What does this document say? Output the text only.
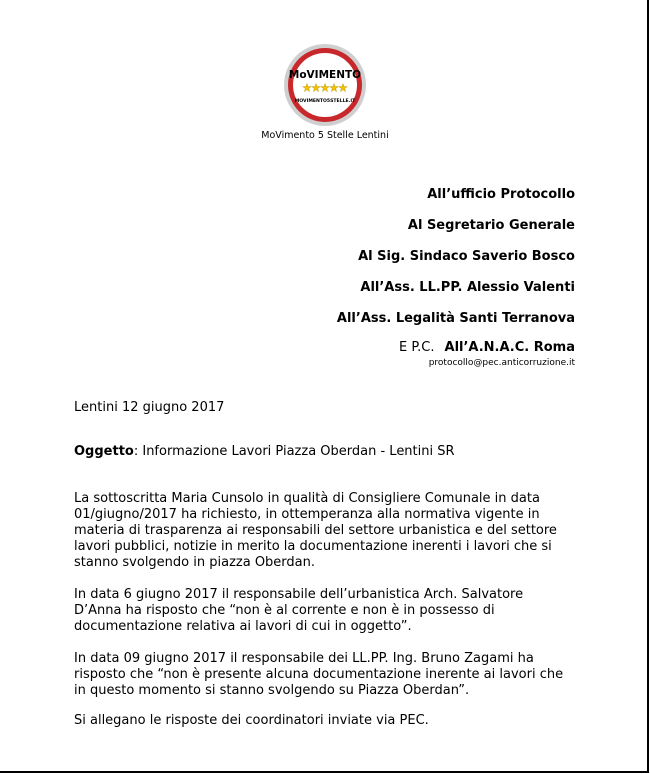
MoVIMENTO
MOVIMENTO5STELLE.IT
MoVimento 5 Stelle Lentini
All’ufficio Protocollo
Al Segretario Generale
Al Sig. Sindaco Saverio Bosco
All’Ass. LL.PP. Alessio Valenti
All’Ass. Legalità Santi Terranova
E P.C. All’A.N.A.C. Roma
protocollo@pec.anticorruzione.it
Lentini 12 giugno 2017
Oggetto: Informazione Lavori Piazza Oberdan - Lentini SR
La sottoscritta Maria Cunsolo in qualità di Consigliere Comunale in data 01/giugno/2017 ha richiesto, in ottemperanza alla normativa vigente in materia di trasparenza ai responsabili del settore urbanistica e del settore lavori pubblici, notizie in merito la documentazione inerenti i lavori che si stanno svolgendo in piazza Oberdan.
In data 6 giugno 2017 il responsabile dell’urbanistica Arch. Salvatore D’Anna ha risposto che “non è al corrente e non è in possesso di documentazione relativa ai lavori di cui in oggetto”.
In data 09 giugno 2017 il responsabile dei LL.PP. Ing. Bruno Zagami ha risposto che “non è presente alcuna documentazione inerente ai lavori che in questo momento si stanno svolgendo su Piazza Oberdan”.
Si allegano le risposte dei coordinatori inviate via PEC.
